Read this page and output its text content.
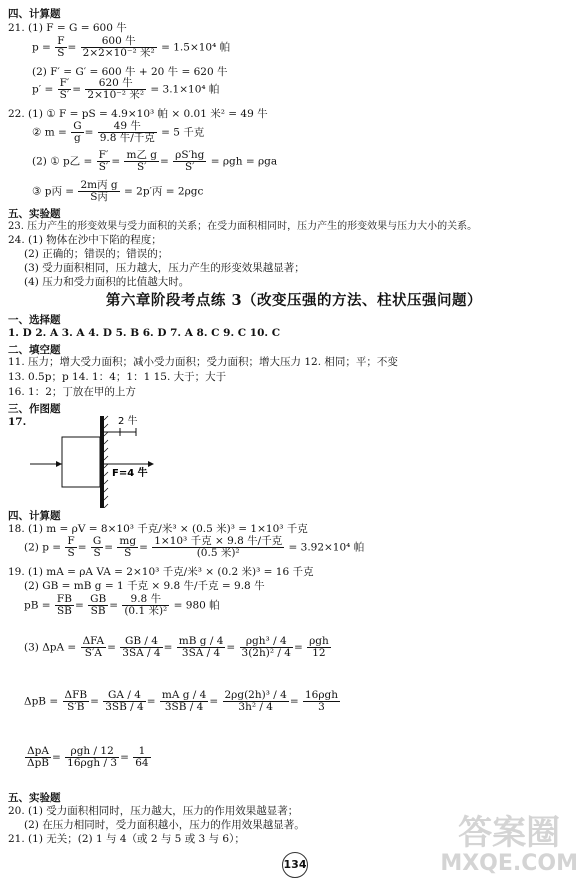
四、计算题
21. (1) F = G = 600 牛
$p = \frac{F}{S} = \frac{\text{600 牛}}{\text{2×2×10⁻² 米²}} = 1.5\times 10^4$ 帕
(2) F′ = G′ = 600 牛 + 20 牛 = 620 牛
$p' = \frac{F'}{S'} = \frac{\text{620 牛}}{\text{2×10⁻² 米²}} = 3.1\times 10^4$ 帕
22. (1) ① F = pS = 4.9×10³ 帕 × 0.01 米² = 49 牛
② $m = \frac{G}{g} = \frac{\text{49 牛}}{\text{9.8 牛/千克}} = 5$ 千克
(2) ① p乙 = $\frac{F'}{S'} = \frac{\text{m乙 g}}{S'} = \frac{\rho S'hg}{S'} = \rho gh = \rho ga$
③ p丙 = $\frac{\text{2m丙 g}}{\text{S丙}} = 2p'$丙 = 2ρgc
五、实验题
23. 压力产生的形变效果与受力面积的关系；在受力面积相同时，压力产生的形变效果与压力大小的关系。
24. (1) 物体在沙中下陷的程度；
(2) 正确的；错误的；错误的；
(3) 受力面积相同，压力越大，压力产生的形变效果越显著；
(4) 压力和受力面积的比值越大时。
第六章阶段考点练 3（改变压强的方法、柱状压强问题）
一、选择题
1. D 2. A 3. A 4. D 5. B 6. D 7. A 8. C 9. C 10. C
二、填空题
11. 压力；增大受力面积；减小受力面积；受力面积；增大压力 12. 相同；平；不变
13. 0.5p；p 14. 1：4；1：1 15. 大于；大于
16. 1：2；丁放在甲的上方
三、作图题
17.	2 牛
F=4 牛
四、计算题
18. (1) m = ρV = 8×10³ 千克/米³ × (0.5 米)³ = 1×10³ 千克
(2) $p = \frac{F}{S} = \frac{G}{S} = \frac{mg}{S} = \frac{\text{1×10³ 千克 × 9.8 牛/千克}}{\text{(0.5 米)²}} = 3.92\times 10^4$ 帕
19. (1) mA = ρA VA = 2×10³ 千克/米³ × (0.2 米)³ = 16 千克
(2) GB = mB g = 1 千克 × 9.8 牛/千克 = 9.8 牛
pB = $\frac{FB}{SB} = \frac{GB}{SB} = \frac{\text{9.8 牛}}{\text{(0.1 米)²}} = 980$ 帕
(3) $\Delta pA = \frac{\text{ΔFA}}{S'A} = \frac{GB / 4}{3SA / 4} = \frac{\text{mB g / 4}}{3SA / 4} = \frac{\text{ρgh³ / 4}}{\text{3(2h)² / 4}} = \frac{\text{ρgh}}{12}$
$\Delta pB = \frac{\text{ΔFB}}{S'B} = \frac{GA / 4}{3SB / 4} = \frac{\text{mA g / 4}}{3SB / 4} = \frac{\text{2ρg(2h)³ / 4}}{\text{3h² / 4}} = \frac{\text{16ρgh}}{3}$
$\frac{\text{ΔpA}}{\text{ΔpB}} = \frac{\text{ρgh / 12}}{\text{16ρgh / 3}} = \frac{1}{64}$
五、实验题
20. (1) 受力面积相同时，压力越大，压力的作用效果越显著；
(2) 在压力相同时，受力面积越小，压力的作用效果越显著。
21. (1) 无关；(2) 1 与 4（或 2 与 5 或 3 与 6）；
134
答案圈
MXQE.COM
